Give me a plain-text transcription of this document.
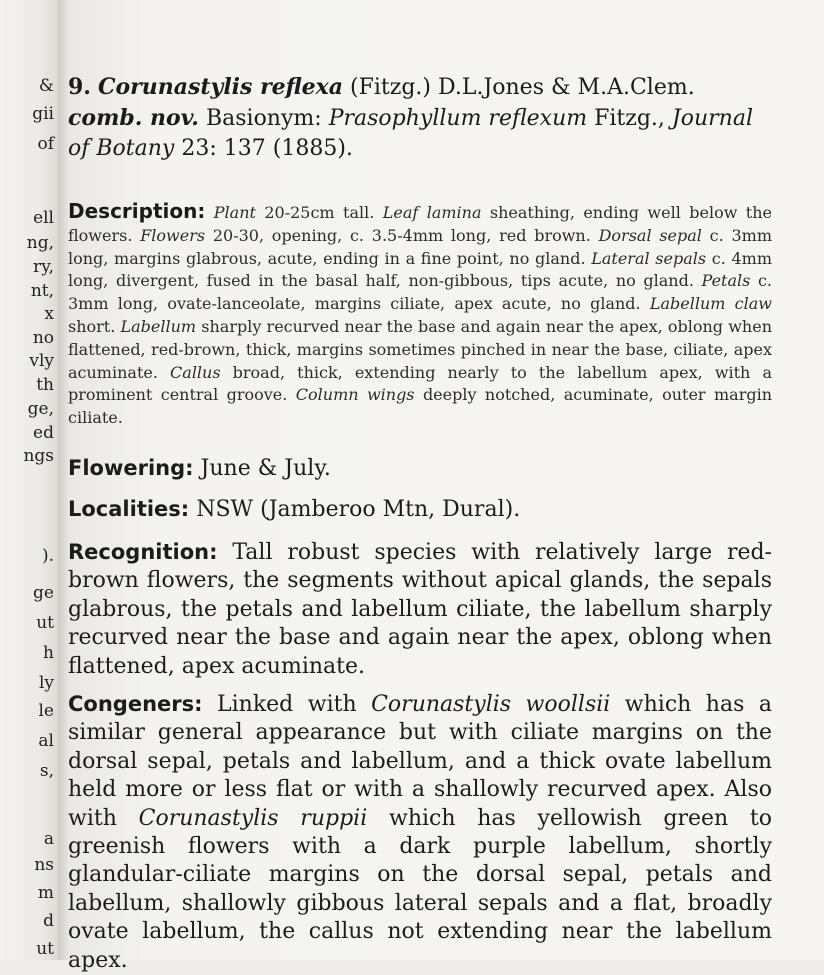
&
gii
of
ell
ng,
ry,
nt,
x
no
vly
th
ge,
ed
ngs
).
ge
ut
h
ly
le
al
s,
a
ns
m
d
ut
9. Corunastylis reflexa (Fitzg.) D.L.Jones & M.A.Clem. comb. nov. Basionym: Prasophyllum reflexum Fitzg., Journal of Botany 23: 137 (1885).
Description: Plant 20-25cm tall. Leaf lamina sheathing, ending well below the flowers. Flowers 20-30, opening, c. 3.5-4mm long, red brown. Dorsal sepal c. 3mm long, margins glabrous, acute, ending in a fine point, no gland. Lateral sepals c. 4mm long, divergent, fused in the basal half, non-gibbous, tips acute, no gland. Petals c. 3mm long, ovate-lanceolate, margins ciliate, apex acute, no gland. Labellum claw short. Labellum sharply recurved near the base and again near the apex, oblong when flattened, red-brown, thick, margins sometimes pinched in near the base, ciliate, apex acuminate. Callus broad, thick, extending nearly to the labellum apex, with a prominent central groove. Column wings deeply notched, acuminate, outer margin ciliate.
Flowering: June & July.
Localities: NSW (Jamberoo Mtn, Dural).
Recognition: Tall robust species with relatively large red-brown flowers, the segments without apical glands, the sepals glabrous, the petals and labellum ciliate, the labellum sharply recurved near the base and again near the apex, oblong when flattened, apex acuminate.
Congeners: Linked with Corunastylis woollsii which has a similar general appearance but with ciliate margins on the dorsal sepal, petals and labellum, and a thick ovate labellum held more or less flat or with a shallowly recurved apex. Also with Corunastylis ruppii which has yellowish green to greenish flowers with a dark purple labellum, shortly glandular-ciliate margins on the dorsal sepal, petals and labellum, shallowly gibbous lateral sepals and a flat, broadly ovate labellum, the callus not extending near the labellum apex.
